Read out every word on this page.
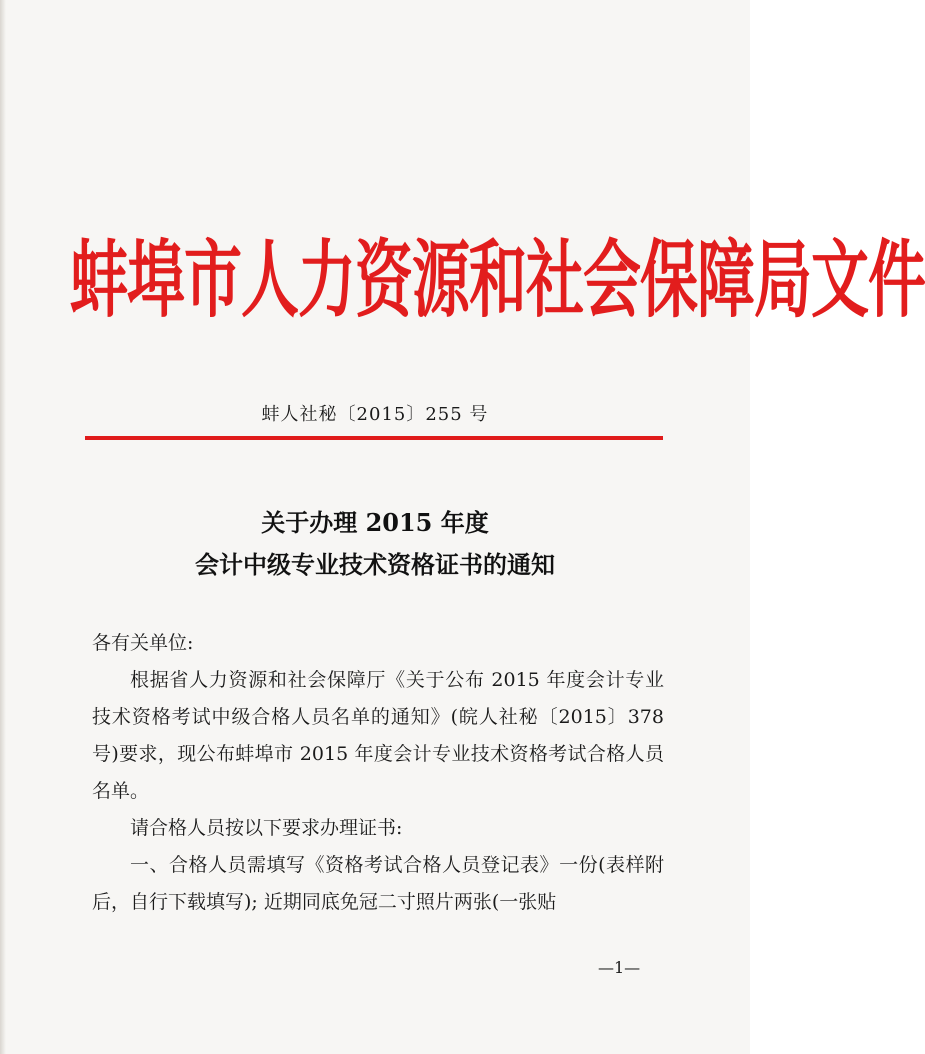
蚌埠市人力资源和社会保障局文件
蚌人社秘〔2015〕255 号
关于办理 2015 年度
会计中级专业技术资格证书的通知

各有关单位:

根据省人力资源和社会保障厅《关于公布 2015 年度会计专业技术资格考试中级合格人员名单的通知》(皖人社秘〔2015〕378 号)要求，现公布蚌埠市 2015 年度会计专业技术资格考试合格人员名单。

请合格人员按以下要求办理证书:

一、合格人员需填写《资格考试合格人员登记表》一份(表样附后，自行下载填写); 近期同底免冠二寸照片两张(一张贴

—1—
